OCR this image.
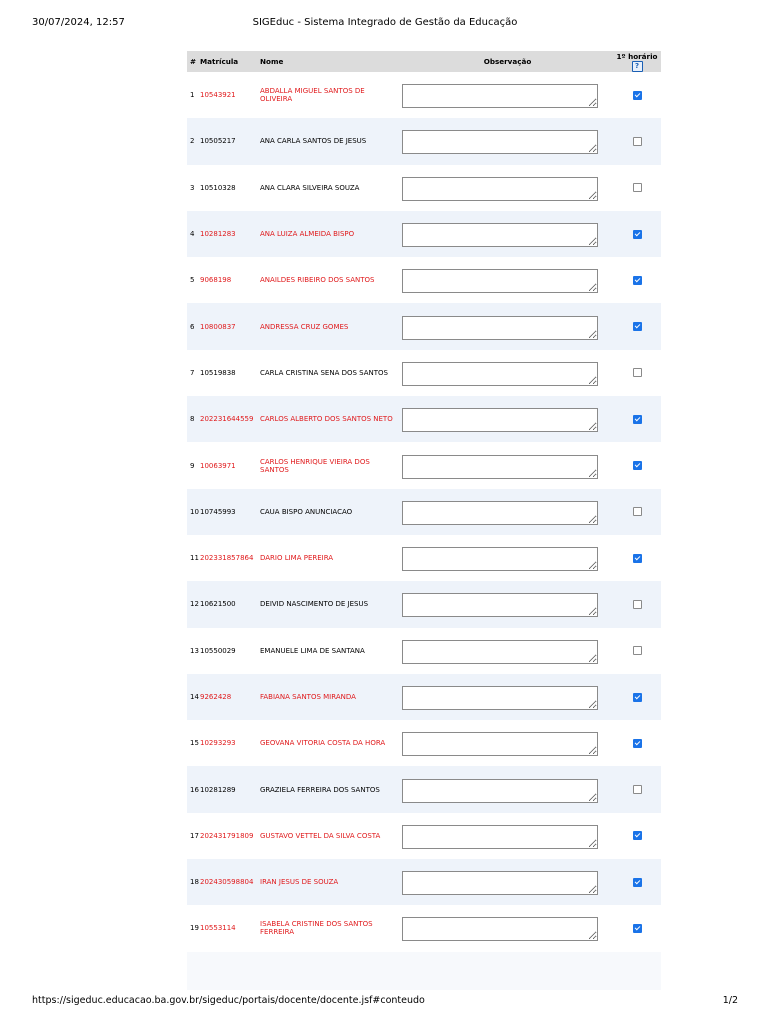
30/07/2024, 12:57	SIGEduc - Sistema Integrado de Gestão da Educação
#	Matrícula	Nome	Observação	1º horário
?
1	10543921	ABDALLA MIGUEL SANTOS DE OLIVEIRA	

2	10505217	ANA CARLA SANTOS DE JESUS	

3	10510328	ANA CLARA SILVEIRA SOUZA	

4	10281283	ANA LUIZA ALMEIDA BISPO	

5	9068198	ANAILDES RIBEIRO DOS SANTOS	

6	10800837	ANDRESSA CRUZ GOMES	

7	10519838	CARLA CRISTINA SENA DOS SANTOS	

8	202231644559	CARLOS ALBERTO DOS SANTOS NETO	

9	10063971	CARLOS HENRIQUE VIEIRA DOS SANTOS	

10	10745993	CAUA BISPO ANUNCIACAO	

11	202331857864	DARIO LIMA PEREIRA	

12	10621500	DEIVID NASCIMENTO DE JESUS	

13	10550029	EMANUELE LIMA DE SANTANA	

14	9262428	FABIANA SANTOS MIRANDA	

15	10293293	GEOVANA VITORIA COSTA DA HORA	

16	10281289	GRAZIELA FERREIRA DOS SANTOS	

17	202431791809	GUSTAVO VETTEL DA SILVA COSTA	

18	202430598804	IRAN JESUS DE SOUZA	

19	10553114	ISABELA CRISTINE DOS SANTOS FERREIRA	

https://sigeduc.educacao.ba.gov.br/sigeduc/portais/docente/docente.jsf#conteudo	1/2
